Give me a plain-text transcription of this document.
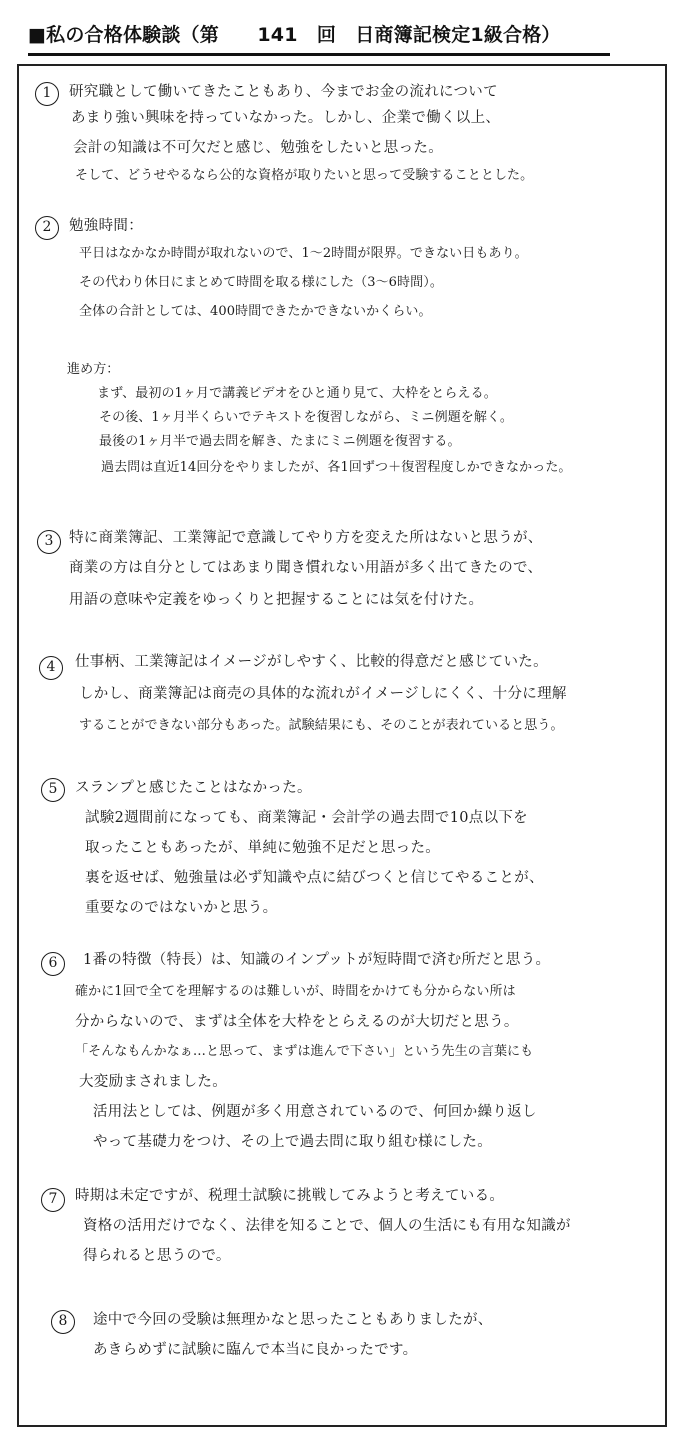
■私の合格体験談（第　　141　回　日商簿記検定1級合格）
1	研究職として働いてきたこともあり、今までお金の流れについて
あまり強い興味を持っていなかった。しかし、企業で働く以上、
会計の知識は不可欠だと感じ、勉強をしたいと思った。
そして、どうせやるなら公的な資格が取りたいと思って受験することとした。
2	勉強時間：
平日はなかなか時間が取れないので、1～2時間が限界。できない日もあり。
その代わり休日にまとめて時間を取る様にした（3～6時間）。
全体の合計としては、400時間できたかできないかくらい。
進め方：
まず、最初の1ヶ月で講義ビデオをひと通り見て、大枠をとらえる。
その後、1ヶ月半くらいでテキストを復習しながら、ミニ例題を解く。
最後の1ヶ月半で過去問を解き、たまにミニ例題を復習する。
過去問は直近14回分をやりましたが、各1回ずつ＋復習程度しかできなかった。
3	特に商業簿記、工業簿記で意識してやり方を変えた所はないと思うが、
商業の方は自分としてはあまり聞き慣れない用語が多く出てきたので、
用語の意味や定義をゆっくりと把握することには気を付けた。
4	仕事柄、工業簿記はイメージがしやすく、比較的得意だと感じていた。
しかし、商業簿記は商売の具体的な流れがイメージしにくく、十分に理解
することができない部分もあった。試験結果にも、そのことが表れていると思う。
5	スランプと感じたことはなかった。
試験2週間前になっても、商業簿記・会計学の過去問で10点以下を
取ったこともあったが、単純に勉強不足だと思った。
裏を返せば、勉強量は必ず知識や点に結びつくと信じてやることが、
重要なのではないかと思う。
6	1番の特徴（特長）は、知識のインプットが短時間で済む所だと思う。
確かに1回で全てを理解するのは難しいが、時間をかけても分からない所は
分からないので、まずは全体を大枠をとらえるのが大切だと思う。
「そんなもんかなぁ…と思って、まずは進んで下さい」という先生の言葉にも
大変励まされました。
活用法としては、例題が多く用意されているので、何回か繰り返し
やって基礎力をつけ、その上で過去問に取り組む様にした。
7	時期は未定ですが、税理士試験に挑戦してみようと考えている。
資格の活用だけでなく、法律を知ることで、個人の生活にも有用な知識が
得られると思うので。
8	途中で今回の受験は無理かなと思ったこともありましたが、
あきらめずに試験に臨んで本当に良かったです。
